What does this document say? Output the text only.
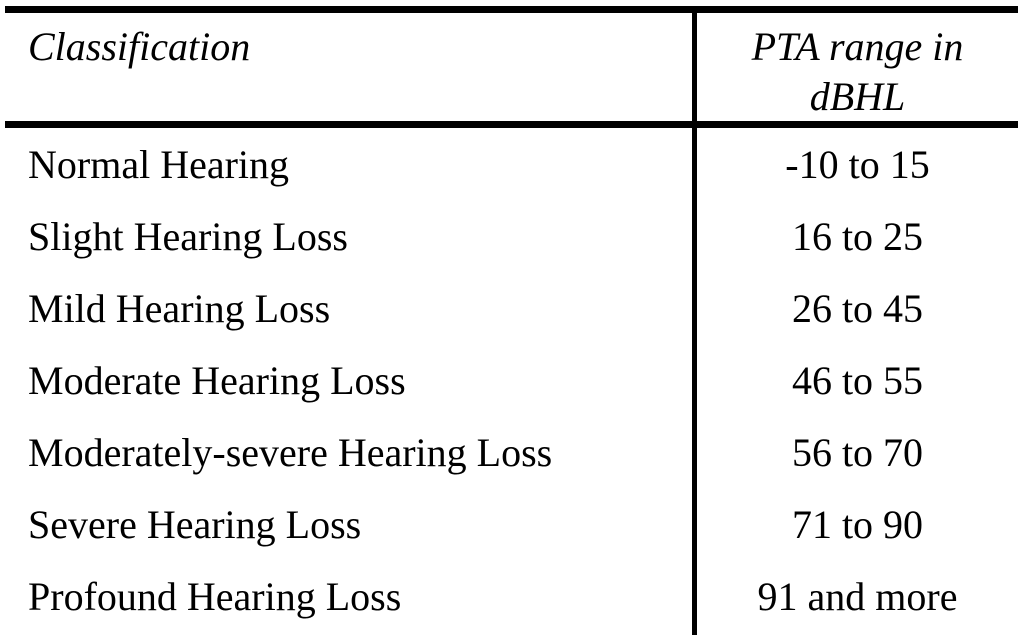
Classification	PTA range in
dBHL
Normal Hearing	-10 to 15
Slight Hearing Loss	16 to 25
Mild Hearing Loss	26 to 45
Moderate Hearing Loss	46 to 55
Moderately-severe Hearing Loss	56 to 70
Severe Hearing Loss	71 to 90
Profound Hearing Loss	91 and more
